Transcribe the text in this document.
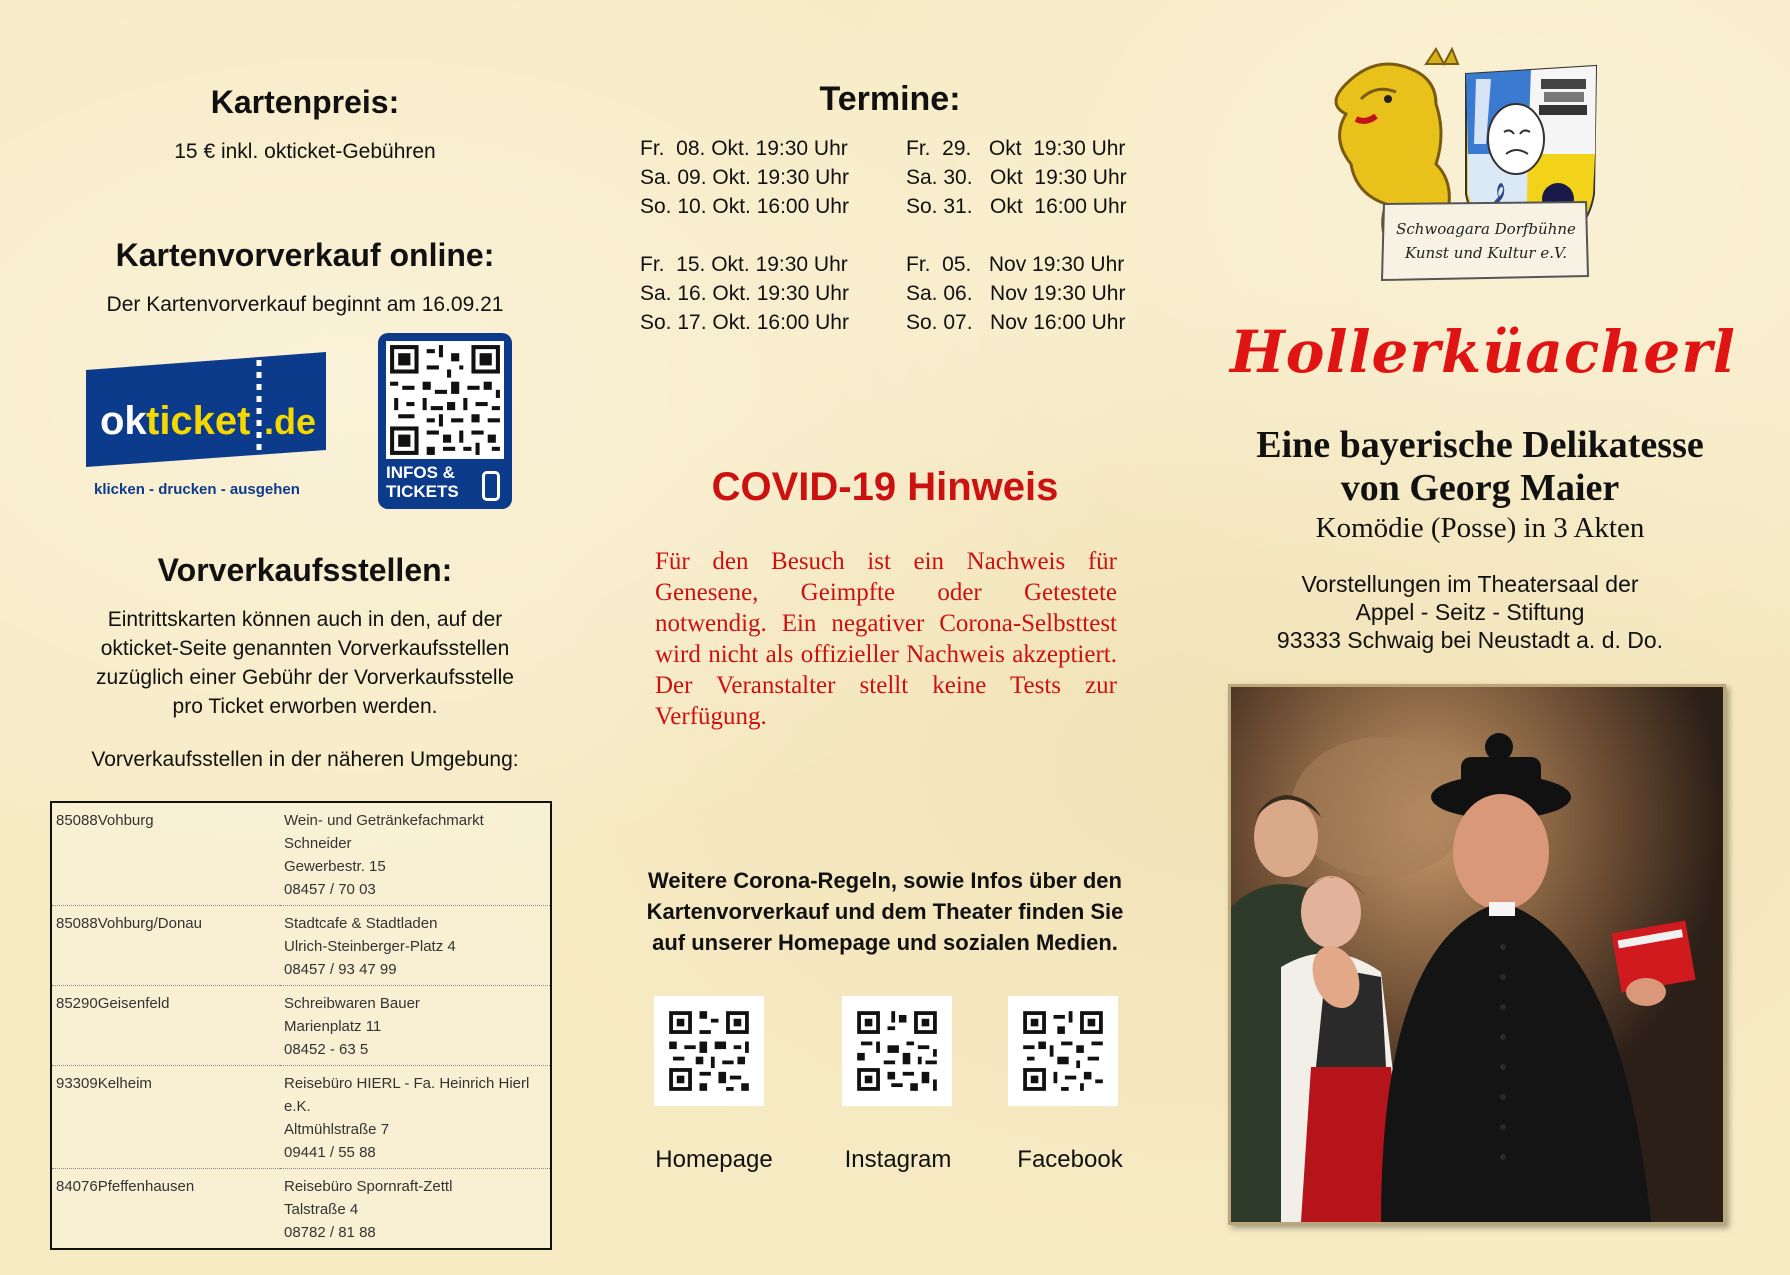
Kartenpreis:
15 € inkl. okticket-Gebühren
Kartenvorverkauf online:
Der Kartenvorverkauf beginnt am 16.09.21
ok ticket .de
®
klicken - drucken - ausgehen
INFOS &
TICKETS
Vorverkaufsstellen:
Eintrittskarten können auch in den, auf der
okticket-Seite genannten Vorverkaufsstellen
zuzüglich einer Gebühr der Vorverkaufsstelle
pro Ticket erworben werden.
Vorverkaufsstellen in der näheren Umgebung:
85088Vohburg	Wein- und Getränkefachmarkt Schneider
Gewerbestr. 15
08457 / 70 03

85088Vohburg/Donau	Stadtcafe & Stadtladen
Ulrich-Steinberger-Platz 4
08457 / 93 47 99

85290Geisenfeld	Schreibwaren Bauer
Marienplatz 11
08452 - 63 5

93309Kelheim	Reisebüro HIERL - Fa. Heinrich Hierl e.K.
Altmühlstraße 7
09441 / 55 88

84076Pfeffenhausen	Reisebüro Spornraft-Zettl
Talstraße 4
08782 / 81 88
Termine:
Fr.  08. Okt. 19:30 Uhr
Sa. 09. Okt. 19:30 Uhr
So. 10. Okt. 16:00 Uhr

Fr.  15. Okt. 19:30 Uhr
Sa. 16. Okt. 19:30 Uhr
So. 17. Okt. 16:00 Uhr
Fr.  29.   Okt  19:30 Uhr
Sa. 30.   Okt  19:30 Uhr
So. 31.   Okt  16:00 Uhr

Fr.  05.   Nov 19:30 Uhr
Sa. 06.   Nov 19:30 Uhr
So. 07.   Nov 16:00 Uhr
COVID-19 Hinweis
Für den Besuch ist ein Nachweis für Genesene, Geimpfte oder Getestete notwendig. Ein negativer Corona-Selbsttest wird nicht als offizieller Nachweis akzeptiert. Der Veranstalter stellt keine Tests zur Verfügung.
Weitere Corona-Regeln, sowie Infos über den Kartenvorverkauf und dem Theater finden Sie auf unserer Homepage und sozialen Medien.
Homepage	Instagram	Facebook
Schwoagara Dorfbühne
Kunst und Kultur e.V.
Hollerküacherl
Eine bayerische Delikatesse
von Georg Maier
Komödie (Posse) in 3 Akten
Vorstellungen im Theatersaal der
Appel - Seitz - Stiftung
93333 Schwaig bei Neustadt a. d. Do.
